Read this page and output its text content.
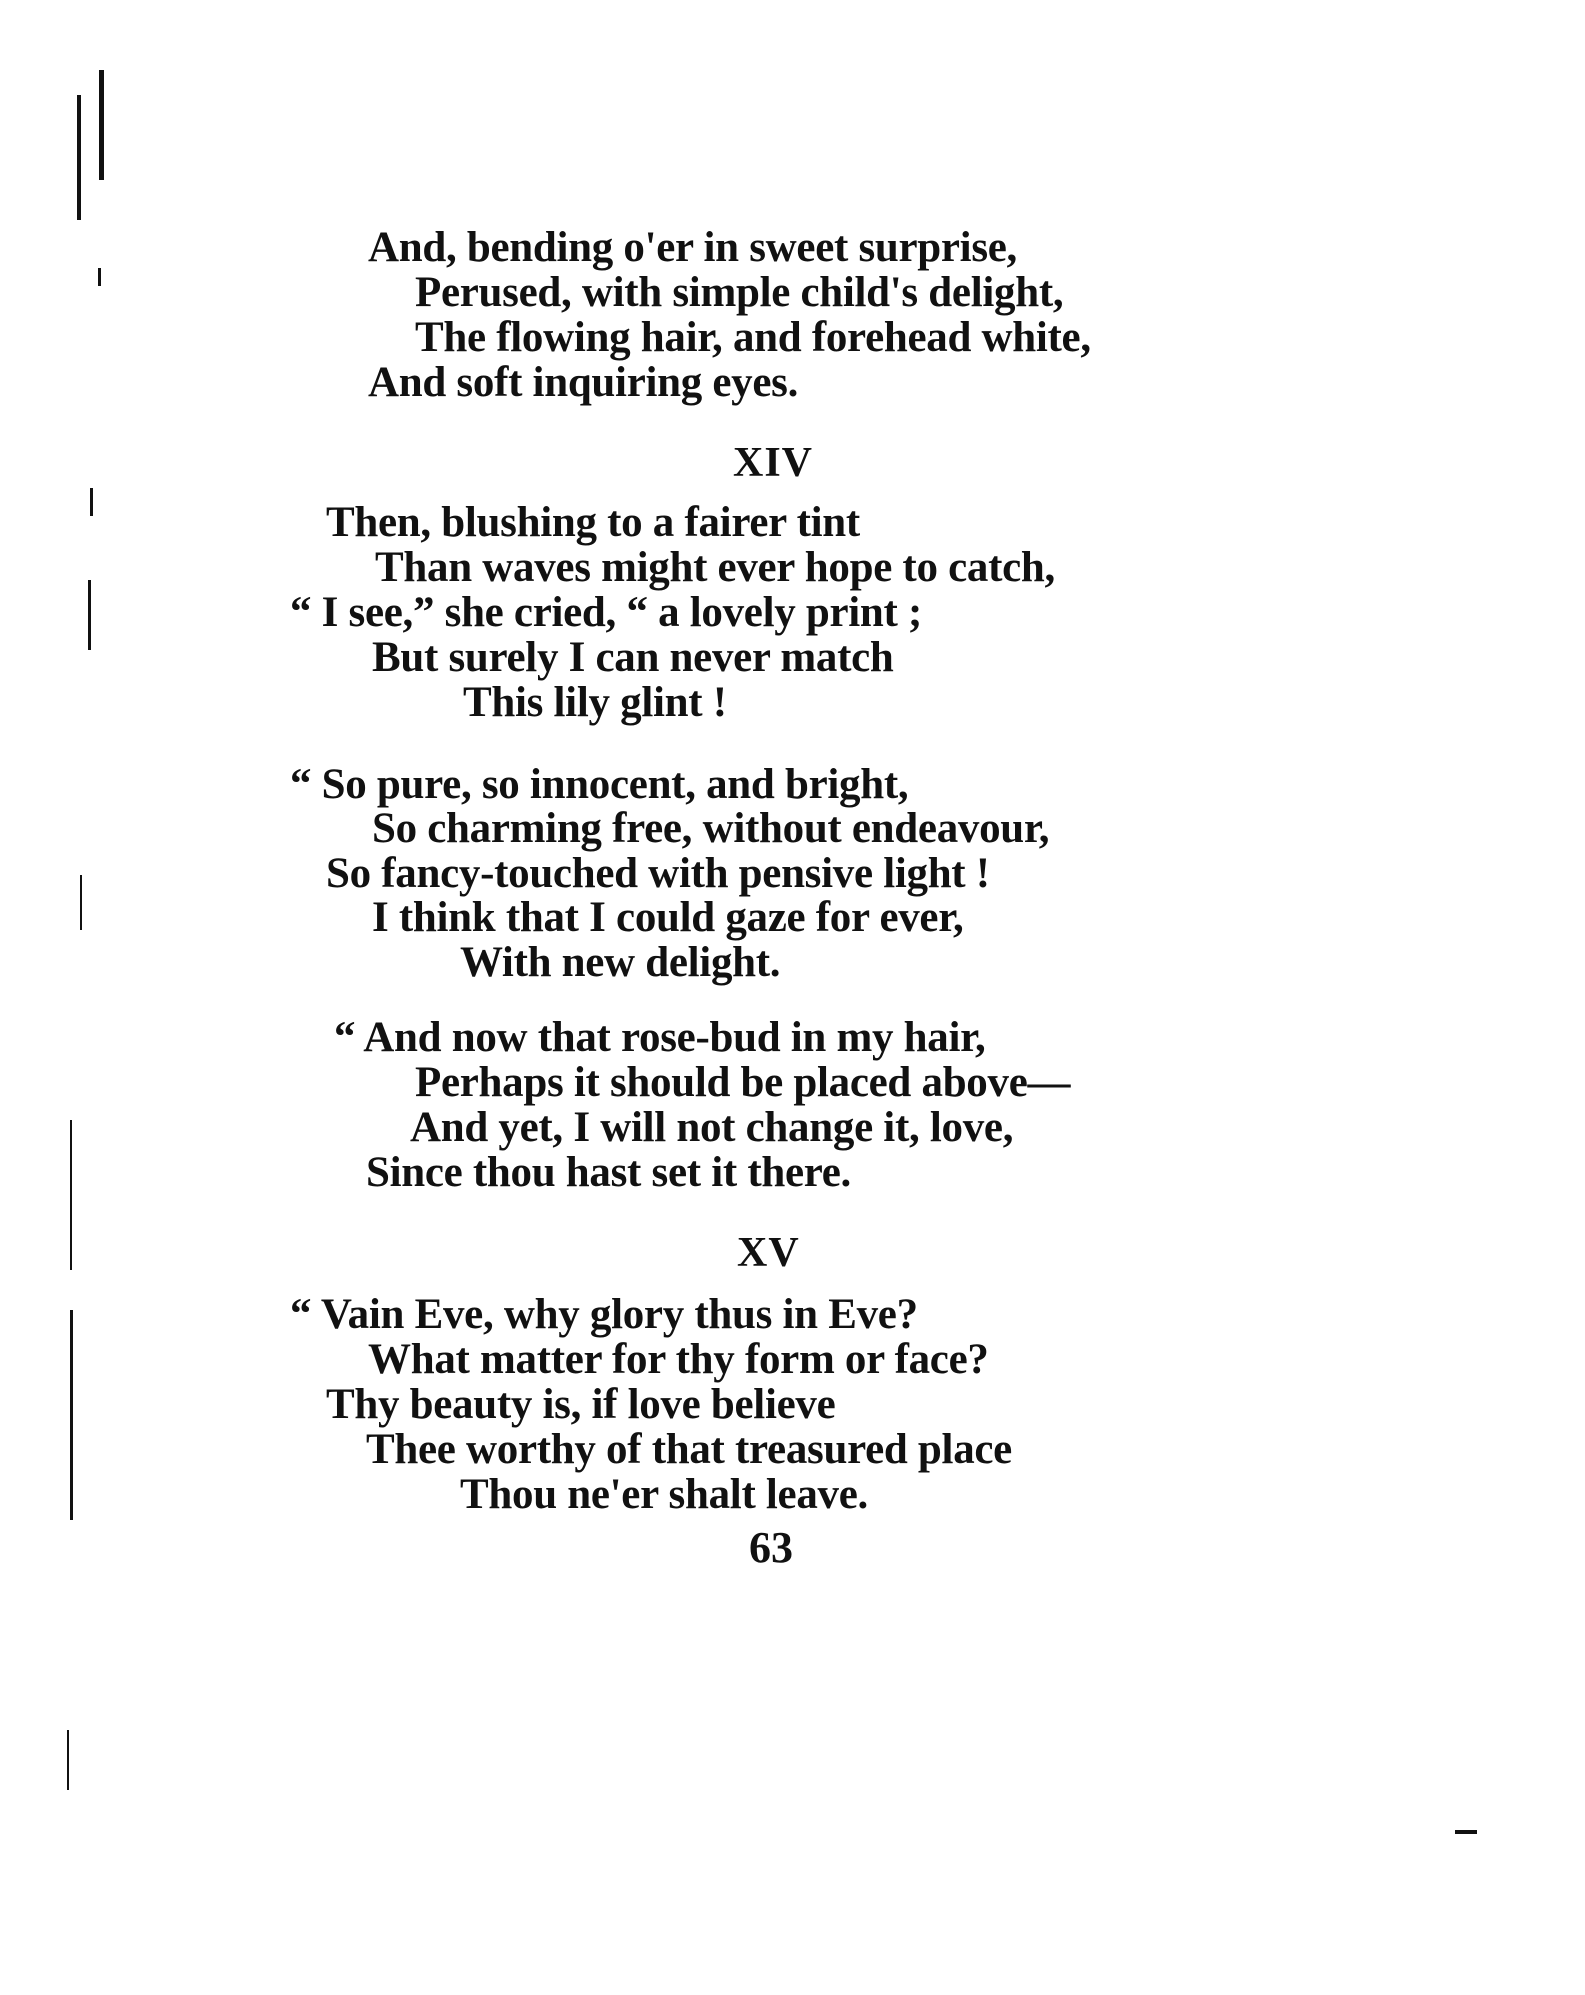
And, bending o'er in sweet surprise,
Perused, with simple child's delight,
The flowing hair, and forehead white,
And soft inquiring eyes.
XIV
Then, blushing to a fairer tint
Than waves might ever hope to catch,
“ I see,” she cried, “ a lovely print ;
But surely I can never match
This lily glint !
“ So pure, so innocent, and bright,
So charming free, without endeavour,
So fancy-touched with pensive light !
I think that I could gaze for ever,
With new delight.
“ And now that rose-bud in my hair,
Perhaps it should be placed above—
And yet, I will not change it, love,
Since thou hast set it there.
XV
“ Vain Eve, why glory thus in Eve?
What matter for thy form or face?
Thy beauty is, if love believe
Thee worthy of that treasured place
Thou ne'er shalt leave.
63
